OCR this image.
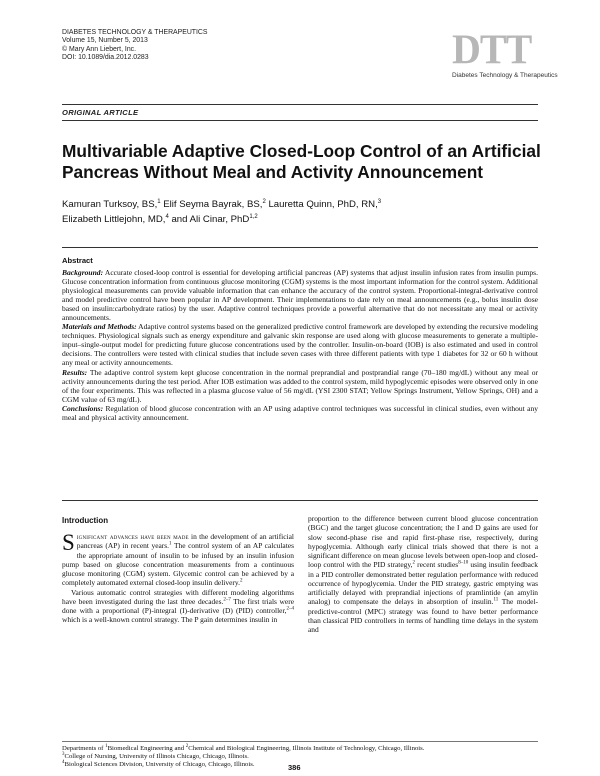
DIABETES TECHNOLOGY & THERAPEUTICS
Volume 15, Number 5, 2013
© Mary Ann Liebert, Inc.
DOI: 10.1089/dia.2012.0283	DTT
Diabetes Technology & Therapeutics
ORIGINAL ARTICLE
Multivariable Adaptive Closed-Loop Control of an Artificial Pancreas Without Meal and Activity Announcement
Kamuran Turksoy, BS,$^1$ Elif Seyma Bayrak, BS,$^2$ Lauretta Quinn, PhD, RN,$^3$
Elizabeth Littlejohn, MD,$^4$ and Ali Cinar, PhD$^{1,2}$
Abstract

Background: Accurate closed-loop control is essential for developing artificial pancreas (AP) systems that adjust insulin infusion rates from insulin pumps. Glucose concentration information from continuous glucose monitoring (CGM) systems is the most important information for the control system. Additional physiological measurements can provide valuable information that can enhance the accuracy of the control system. Proportional-integral-derivative control and model predictive control have been popular in AP development. Their implementations to date rely on meal announcements (e.g., bolus insulin dose based on insulin:carbohydrate ratios) by the user. Adaptive control techniques provide a powerful alternative that do not necessitate any meal or activity announcements.

Materials and Methods: Adaptive control systems based on the generalized predictive control framework are developed by extending the recursive modeling techniques. Physiological signals such as energy expenditure and galvanic skin response are used along with glucose measurements to generate a multiple-input–single-output model for predicting future glucose concentrations used by the controller. Insulin-on-board (IOB) is also estimated and used in control decisions. The controllers were tested with clinical studies that include seven cases with three different patients with type 1 diabetes for 32 or 60 h without any meal or activity announcements.

Results: The adaptive control system kept glucose concentration in the normal preprandial and postprandial range (70–180 mg/dL) without any meal or activity announcements during the test period. After IOB estimation was added to the control system, mild hypoglycemic episodes were observed only in one of the four experiments. This was reflected in a plasma glucose value of 56 mg/dL (YSI 2300 STAT; Yellow Springs Instrument, Yellow Springs, OH) and a CGM value of 63 mg/dL).

Conclusions: Regulation of blood glucose concentration with an AP using adaptive control techniques was successful in clinical studies, even without any meal and physical activity announcement.

Introduction

Significant advances have been made in the development of an artificial pancreas (AP) in recent years.$^1$ The control system of an AP calculates the appropriate amount of insulin to be infused by an insulin infusion pump based on glucose concentration measurements from a continuous glucose monitoring (CGM) system. Glycemic control can be achieved by a completely automated external closed-loop insulin delivery.$^2$

Various automatic control strategies with different modeling algorithms have been investigated during the last three decades.$^{2-7}$ The first trials were done with a proportional (P)-integral (I)-derivative (D) (PID) controller,$^{2-4}$ which is a well-known control strategy. The P gain determines insulin in

proportion to the difference between current blood glucose concentration (BGC) and the target glucose concentration; the I and D gains are used for slow second-phase rise and rapid first-phase rise, respectively, during hypoglycemia. Although early clinical trials showed that there is not a significant difference on mean glucose levels between open-loop and closed-loop control with the PID strategy,$^2$ recent studies$^{8-10}$ using insulin feedback in a PID controller demonstrated better regulation performance with reduced occurrence of hypoglycemia. Under the PID strategy, gastric emptying was artificially delayed with preprandial injections of pramlintide (an amylin analog) to compensate the delays in absorption of insulin.$^{11}$ The model-predictive-control (MPC) strategy was found to have better performance than classical PID controllers in terms of handling time delays in the system and

Departments of $^1$Biomedical Engineering and $^2$Chemical and Biological Engineering, Illinois Institute of Technology, Chicago, Illinois.
$^3$College of Nursing, University of Illinois Chicago, Chicago, Illinois.
$^4$Biological Sciences Division, University of Chicago, Chicago, Illinois.	386
